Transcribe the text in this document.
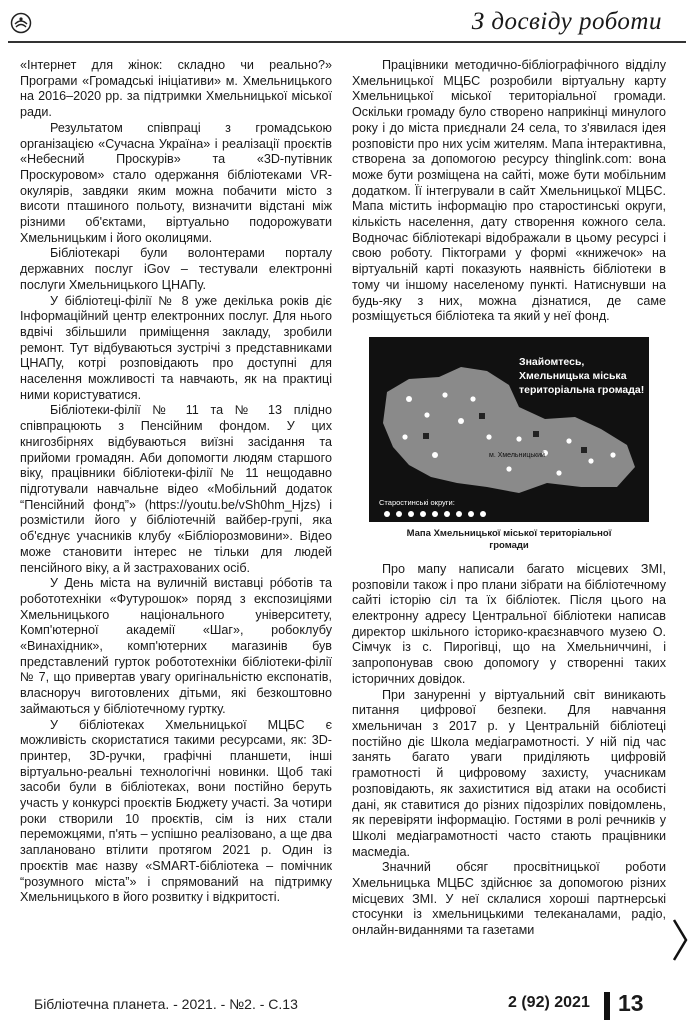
З досвіду роботи

«Інтернет для жінок: складно чи реально?» Програми «Громадські ініціативи» м. Хмельницького на 2016–2020 рр. за підтримки Хмельницької міської ради.

Результатом співпраці з громадською організацією «Сучасна Україна» і реалізації проєктів «Небесний Проскурів» та «3D-путівник Проскуровом» стало одержання бібліотеками VR-окулярів, завдяки яким можна побачити місто з висоти пташиного польоту, визначити відстані між різними об'єктами, віртуально подорожувати Хмельницьким і його околицями.

Бібліотекарі були волонтерами порталу державних послуг iGov – тестували електронні послуги Хмельницького ЦНАПу.

У бібліотеці-філії № 8 уже декілька років діє Інформаційний центр електронних послуг. Для нього вдвічі збільшили приміщення закладу, зробили ремонт. Тут відбуваються зустрічі з представниками ЦНАПу, котрі розповідають про доступні для населення можливості та навчають, як на практиці ними користуватися.

Бібліотеки-філії № 11 та № 13 плідно співпрацюють з Пенсійним фондом. У цих книгозбірнях відбуваються виїзні засідання та прийоми громадян. Аби допомогти людям старшого віку, працівники бібліотеки-філії № 11 нещодавно підготували навчальне відео «Мобільний додаток “Пенсійний фонд”» (https://youtu.be/vSh0hm_Hjzs) і розмістили його у бібліотечній вайбер-групі, яка об'єднує учасників клубу «Бібліорозмовини». Відео може становити інтерес не тільки для людей пенсійного віку, а й застрахованих осіб.

У День міста на вуличній виставці рóботів та робототехніки «Футурошок» поряд з експозиціями Хмельницького національного університету, Комп'ютерної академії «Шаг», робоклубу «Винахідник», комп'ютерних магазинів був представлений гурток робототехніки бібліотеки-філії № 7, що привертав увагу оригінальністю експонатів, власноруч виготовлених дітьми, які безкоштовно займаються у бібліотечному гуртку.

У бібліотеках Хмельницької МЦБС є можливість скористатися такими ресурсами, як: 3D-принтер, 3D-ручки, графічні планшети, інші віртуально-реальні технологічні новинки. Щоб такі засоби були в бібліотеках, вони постійно беруть участь у конкурсі проєктів Бюджету участі. За чотири роки створили 10 проєктів, сім із них стали переможцями, п'ять – успішно реалізовано, а ще два заплановано втілити протягом 2021 р. Один із проєктів має назву «SMART-бібліотека – помічник “розумного міста”» і спрямований на підтримку Хмельницького в його розвитку і відкритості.

Працівники методично-бібліографічного відділу Хмельницької МЦБС розробили віртуальну карту Хмельницької міської територіальної громади. Оскільки громаду було створено наприкінці минулого року і до міста приєднали 24 села, то з'явилася ідея розповісти про них усім жителям. Мапа інтерактивна, створена за допомогою ресурсу thinglink.com: вона може бути розміщена на сайті, може бути мобільним додатком. Її інтегрували в сайт Хмельницької МЦБС. Мапа містить інформацію про старостинські округи, кількість населення, дату створення кожного села. Водночас бібліотекарі відображали в цьому ресурсі і свою роботу. Піктограми у формі «книжечок» на віртуальній карті показують наявність бібліотеки в тому чи іншому населеному пункті. Натиснувши на будь-яку з них, можна дізнатися, де саме розміщується бібліотека та який у неї фонд.

Знайомтесь,
Хмельницька міська
територіальна громада!
м. Хмельницький
Старостинські округи:
Мапа Хмельницької міської територіальної громади

Про мапу написали багато місцевих ЗМІ, розповіли також і про плани зібрати на бібліотечному сайті історію сіл та їх бібліотек. Після цього на електронну адресу Центральної бібліотеки написав директор шкільного історико-краєзнавчого музею О. Сімчук із с. Пирогівці, що на Хмельниччині, і запропонував свою допомогу у створенні таких історичних довідок.

При зануренні у віртуальний світ виникають питання цифрової безпеки. Для навчання хмельничан з 2017 р. у Центральній бібліотеці постійно діє Школа медіаграмотності. У ній під час занять багато уваги приділяють цифровій грамотності й цифровому захисту, учасникам розповідають, як захиститися від атаки на особисті дані, як ставитися до різних підозрілих повідомлень, як перевіряти інформацію. Гостями в ролі речників у Школі медіаграмотності часто стають працівники масмедіа.

Значний обсяг просвітницької роботи Хмельницька МЦБС здійснює за допомогою різних місцевих ЗМІ. У неї склалися хороші партнерські стосунки із хмельницькими телеканалами, радіо, онлайн-виданнями та газетами

Бібліотечна планета. - 2021. - №2. - С.13	2 (92) 2021 13
